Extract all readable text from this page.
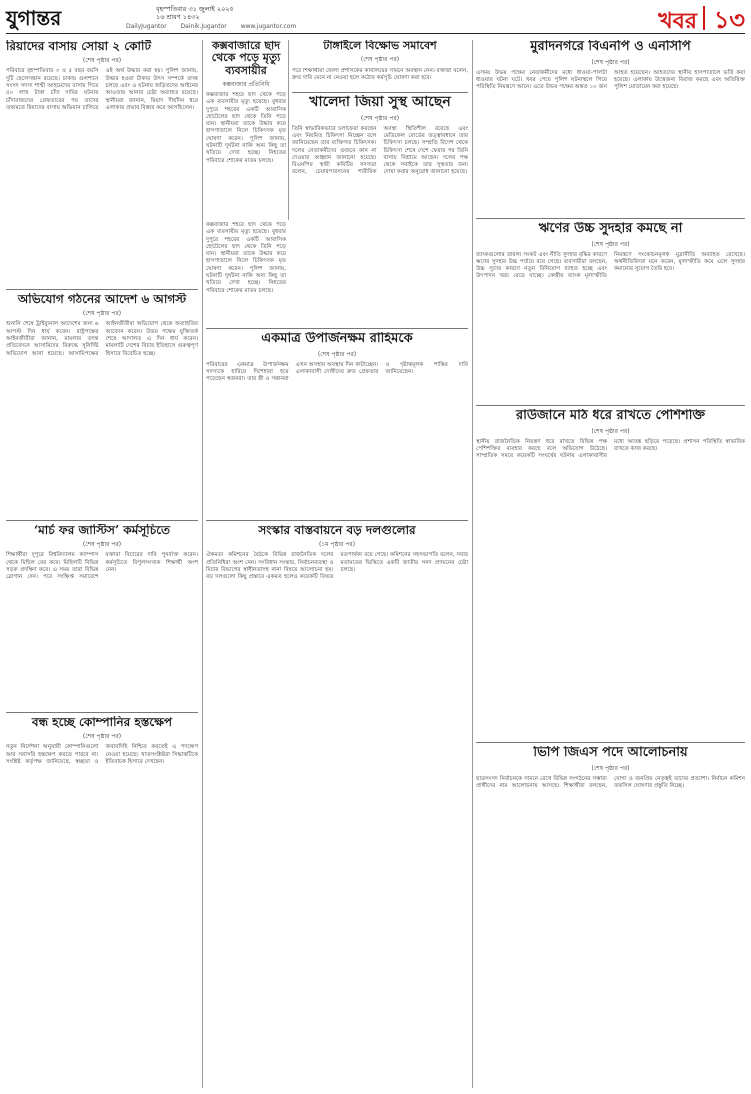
যুগান্তর	বৃহস্পতিবার ৩১ জুলাই ২০২৫
১৬ শ্রাবণ ১৪৩২
DailyJugantor Dainik.Jugantor www.jugantor.com	খবর ১৩
রিয়াদের বাসায় সোয়া ২ কোটি
(শেষ পৃষ্ঠার পর)
পরিবারে বৃহস্পতিবার ৩ ও ৫ বছর বয়সি দুটি ছেলেসন্তান রয়েছে। ঢাকায় গুলশানে সংসদ সদস্য শাম্মী আহমেদের বাসায় গিয়ে ৫০ লাখ টাকা চাঁদা দাবির ঘটনায় চাঁদাবাজদের গ্রেফতারের পর তাদের তথ্যমতে রিয়াদের বাসায় অভিযান চালিয়ে এই অর্থ উদ্ধার করা হয়। পুলিশ জানায়, উদ্ধার হওয়া টাকার উৎস সম্পর্কে তদন্ত চলছে এবং এ ঘটনায় জড়িতদের আইনের আওতায় আনার চেষ্টা অব্যাহত রয়েছে। স্থানীয়রা জানান, রিয়াদ দীর্ঘদিন ধরে এলাকায় প্রভাব বিস্তার করে আসছিলেন।
অভিযোগ গঠনের আদেশ ৬ আগস্ট
(শেষ পৃষ্ঠার পর)
শুনানি শেষে ট্রাইব্যুনাল আদেশের জন্য ৬ আগস্ট দিন ধার্য করেন। রাষ্ট্রপক্ষের আইনজীবীরা জানান, মামলার তদন্ত প্রতিবেদনে আসামিদের বিরুদ্ধে সুনির্দিষ্ট অভিযোগ আনা হয়েছে। আসামিপক্ষের আইনজীবীরা অভিযোগ থেকে অব্যাহতির আবেদন করেন। উভয় পক্ষের যুক্তিতর্ক শেষে আদালত এ দিন ধার্য করেন। মামলাটি দেশের বিচার ইতিহাসে গুরুত্বপূর্ণ হিসাবে বিবেচিত হচ্ছে।
‘মার্চ ফর জাস্টিস’ কর্মসূচিতে
(শেষ পৃষ্ঠার পর)
শিক্ষার্থীরা দুপুরে বিশ্ববিদ্যালয় ক্যাম্পাস থেকে মিছিল বের করে। মিছিলটি বিভিন্ন সড়ক প্রদক্ষিণ করে। এ সময় তারা বিভিন্ন স্লোগান দেন। পরে সংক্ষিপ্ত সমাবেশে বক্তারা বিচারের দাবি পুনর্ব্যক্ত করেন। কর্মসূচিতে বিপুলসংখ্যক শিক্ষার্থী অংশ নেন।
বন্ধ হচ্ছে কোম্পানির হস্তক্ষেপ
(শেষ পৃষ্ঠার পর)
নতুন নির্দেশনা অনুযায়ী কোম্পানিগুলো আর সরাসরি হস্তক্ষেপ করতে পারবে না। সংশ্লিষ্ট কর্তৃপক্ষ জানিয়েছে, স্বচ্ছতা ও জবাবদিহি নিশ্চিত করতেই এ পদক্ষেপ নেওয়া হয়েছে। খাতসংশ্লিষ্টরা সিদ্ধান্তটিকে ইতিবাচক হিসাবে দেখছেন।
কক্সবাজারে ছাদ থেকে পড়ে মৃত্যু ব্যবসায়ীর
কক্সবাজার প্রতিনিধি
কক্সবাজার শহরে ছাদ থেকে পড়ে এক ব্যবসায়ীর মৃত্যু হয়েছে। বুধবার দুপুরে শহরের একটি আবাসিক হোটেলের ছাদ থেকে তিনি পড়ে যান। স্থানীয়রা তাকে উদ্ধার করে হাসপাতালে নিলে চিকিৎসক মৃত ঘোষণা করেন। পুলিশ জানায়, ঘটনাটি দুর্ঘটনা নাকি অন্য কিছু তা খতিয়ে দেখা হচ্ছে। নিহতের পরিবারে শোকের মাতম চলছে।
টাঙ্গাইলে বিক্ষোভ সমাবেশ
(শেষ পৃষ্ঠার পর)
পরে শিক্ষার্থীরা জেলা প্রশাসকের কার্যালয়ের সামনে অবস্থান নেন। বক্তারা বলেন, দ্রুত দাবি মেনে না নেওয়া হলে কঠোর কর্মসূচি ঘোষণা করা হবে।
খালেদা জিয়া সুস্থ আছেন
(শেষ পৃষ্ঠার পর)
তিনি স্বাভাবিকভাবে চলাফেরা করছেন এবং নিয়মিত চিকিৎসা নিচ্ছেন বলে জানিয়েছেন তার ব্যক্তিগত চিকিৎসক। দলের নেতাকর্মীদের গুজবে কান না দেওয়ার আহ্বান জানানো হয়েছে। বিএনপির স্থায়ী কমিটির সদস্যরা বলেন, চেয়ারপারসনের শারীরিক অবস্থা স্থিতিশীল রয়েছে এবং মেডিকেল বোর্ডের তত্ত্বাবধানে তার চিকিৎসা চলছে। সম্প্রতি বিদেশ থেকে চিকিৎসা শেষে দেশে ফেরার পর তিনি বাসায় বিশ্রামে আছেন। দলের পক্ষ থেকে সবাইকে তার সুস্থতার জন্য দোয়া করার অনুরোধ জানানো হয়েছে।
কক্সবাজার শহরে ছাদ থেকে পড়ে এক ব্যবসায়ীর মৃত্যু হয়েছে। বুধবার দুপুরে শহরের একটি আবাসিক হোটেলের ছাদ থেকে তিনি পড়ে যান। স্থানীয়রা তাকে উদ্ধার করে হাসপাতালে নিলে চিকিৎসক মৃত ঘোষণা করেন। পুলিশ জানায়, ঘটনাটি দুর্ঘটনা নাকি অন্য কিছু তা খতিয়ে দেখা হচ্ছে। নিহতের পরিবারে শোকের মাতম চলছে।
একমাত্র উপার্জনক্ষম রাহিমকে
(শেষ পৃষ্ঠার পর)
পরিবারের একমাত্র উপার্জনক্ষম সদস্যকে হারিয়ে দিশেহারা হয়ে পড়েছেন স্বজনরা। তার স্ত্রী ও সন্তানরা এখন অসহায় অবস্থায় দিন কাটাচ্ছেন। এলাকাবাসী দোষীদের দ্রুত গ্রেফতার ও দৃষ্টান্তমূলক শাস্তির দাবি জানিয়েছেন।
সংস্কার বাস্তবায়নে বড় দলগুলোর
(১ম পৃষ্ঠার পর)
ঐকমত্য কমিশনের বৈঠকে বিভিন্ন রাজনৈতিক দলের প্রতিনিধিরা অংশ নেন। সংবিধান সংস্কার, নির্বাচনব্যবস্থা ও বিচার বিভাগের স্বাধীনতাসহ নানা বিষয়ে আলোচনা হয়। বড় দলগুলো কিছু প্রস্তাবে একমত হলেও কয়েকটি বিষয়ে মতপার্থক্য রয়ে গেছে। কমিশনের সহসভাপতি বলেন, সবার মতামতের ভিত্তিতে একটি জাতীয় সনদ প্রণয়নের চেষ্টা চলছে।
মুরাদনগরে বিএনপি ও এনসিপি
(শেষ পৃষ্ঠার পর)
এসময় উভয় পক্ষের নেতাকর্মীদের মধ্যে ধাওয়া-পালটা ধাওয়ার ঘটনা ঘটে। খবর পেয়ে পুলিশ ঘটনাস্থলে গিয়ে পরিস্থিতি নিয়ন্ত্রণে আনে। এতে উভয় পক্ষের অন্তত ১০ জন আহত হয়েছেন। আহতদের স্থানীয় হাসপাতালে ভর্তি করা হয়েছে। এলাকায় উত্তেজনা বিরাজ করছে এবং অতিরিক্ত পুলিশ মোতায়েন করা হয়েছে।
ঋণের উচ্চ সুদহার কমছে না
(শেষ পৃষ্ঠার পর)
ব্যাংকগুলোর তারল্য সংকট এবং নীতি সুদহার বৃদ্ধির কারণে ঋণের সুদহার উচ্চ পর্যায়ে রয়ে গেছে। ব্যবসায়ীরা বলছেন, উচ্চ সুদের কারণে নতুন বিনিয়োগ ব্যাহত হচ্ছে এবং উৎপাদন খরচ বেড়ে যাচ্ছে। কেন্দ্রীয় ব্যাংক মূল্যস্ফীতি নিয়ন্ত্রণে সংকোচনমূলক মুদ্রানীতি অব্যাহত রেখেছে। অর্থনীতিবিদরা মনে করেন, মূল্যস্ফীতি কমে এলে সুদহার কমানোর সুযোগ তৈরি হবে।
রাউজানে মাঠ ধরে রাখতে পেশিশক্তি
(শেষ পৃষ্ঠার পর)
স্থানীয় রাজনৈতিক নিয়ন্ত্রণ ধরে রাখতে বিভিন্ন পক্ষ পেশিশক্তির ব্যবহার করছে বলে অভিযোগ উঠেছে। সাম্প্রতিক সময়ে কয়েকটি সংঘর্ষের ঘটনায় এলাকাবাসীর মধ্যে আতঙ্ক ছড়িয়ে পড়েছে। প্রশাসন পরিস্থিতি স্বাভাবিক রাখতে কাজ করছে।
ভিপি জিএস পদে আলোচনায়
(শেষ পৃষ্ঠার পর)
ছাত্রসংসদ নির্বাচনকে সামনে রেখে বিভিন্ন সংগঠনের সম্ভাব্য প্রার্থীদের নাম আলোচনায় আসছে। শিক্ষার্থীরা বলছেন, যোগ্য ও জনপ্রিয় নেতৃত্বই তাদের প্রত্যাশা। নির্বাচন কমিশন তফসিল ঘোষণার প্রস্তুতি নিচ্ছে।
